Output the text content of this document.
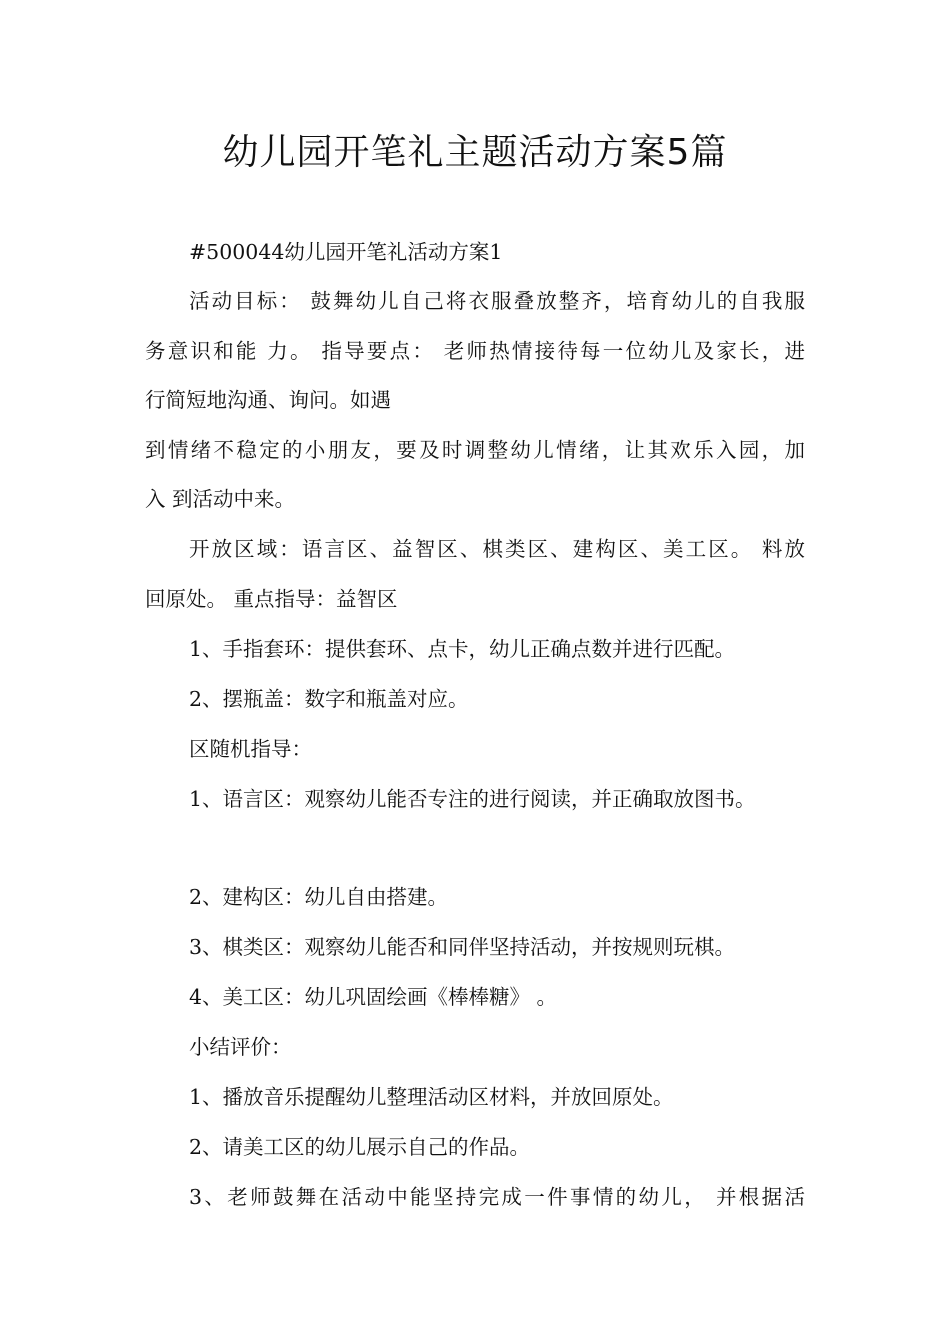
幼儿园开笔礼主题活动方案5篇
#500044幼儿园开笔礼活动方案1
活动目标： 鼓舞幼儿自己将衣服叠放整齐，培育幼儿的自我服
务意识和能 力。 指导要点： 老师热情接待每一位幼儿及家长，进
行简短地沟通、询问。如遇
到情绪不稳定的小朋友，要及时调整幼儿情绪，让其欢乐入园，加
入 到活动中来。
开放区域：语言区、益智区、棋类区、建构区、美工区。 料放
回原处。 重点指导：益智区
1、手指套环：提供套环、点卡，幼儿正确点数并进行匹配。
2、摆瓶盖：数字和瓶盖对应。
区随机指导：
1、语言区：观察幼儿能否专注的进行阅读，并正确取放图书。
2、建构区：幼儿自由搭建。
3、棋类区：观察幼儿能否和同伴坚持活动，并按规则玩棋。
4、美工区：幼儿巩固绘画《棒棒糖》 。
小结评价：
1、播放音乐提醒幼儿整理活动区材料，并放回原处。
2、请美工区的幼儿展示自己的作品。
3、老师鼓舞在活动中能坚持完成一件事情的幼儿， 并根据活
